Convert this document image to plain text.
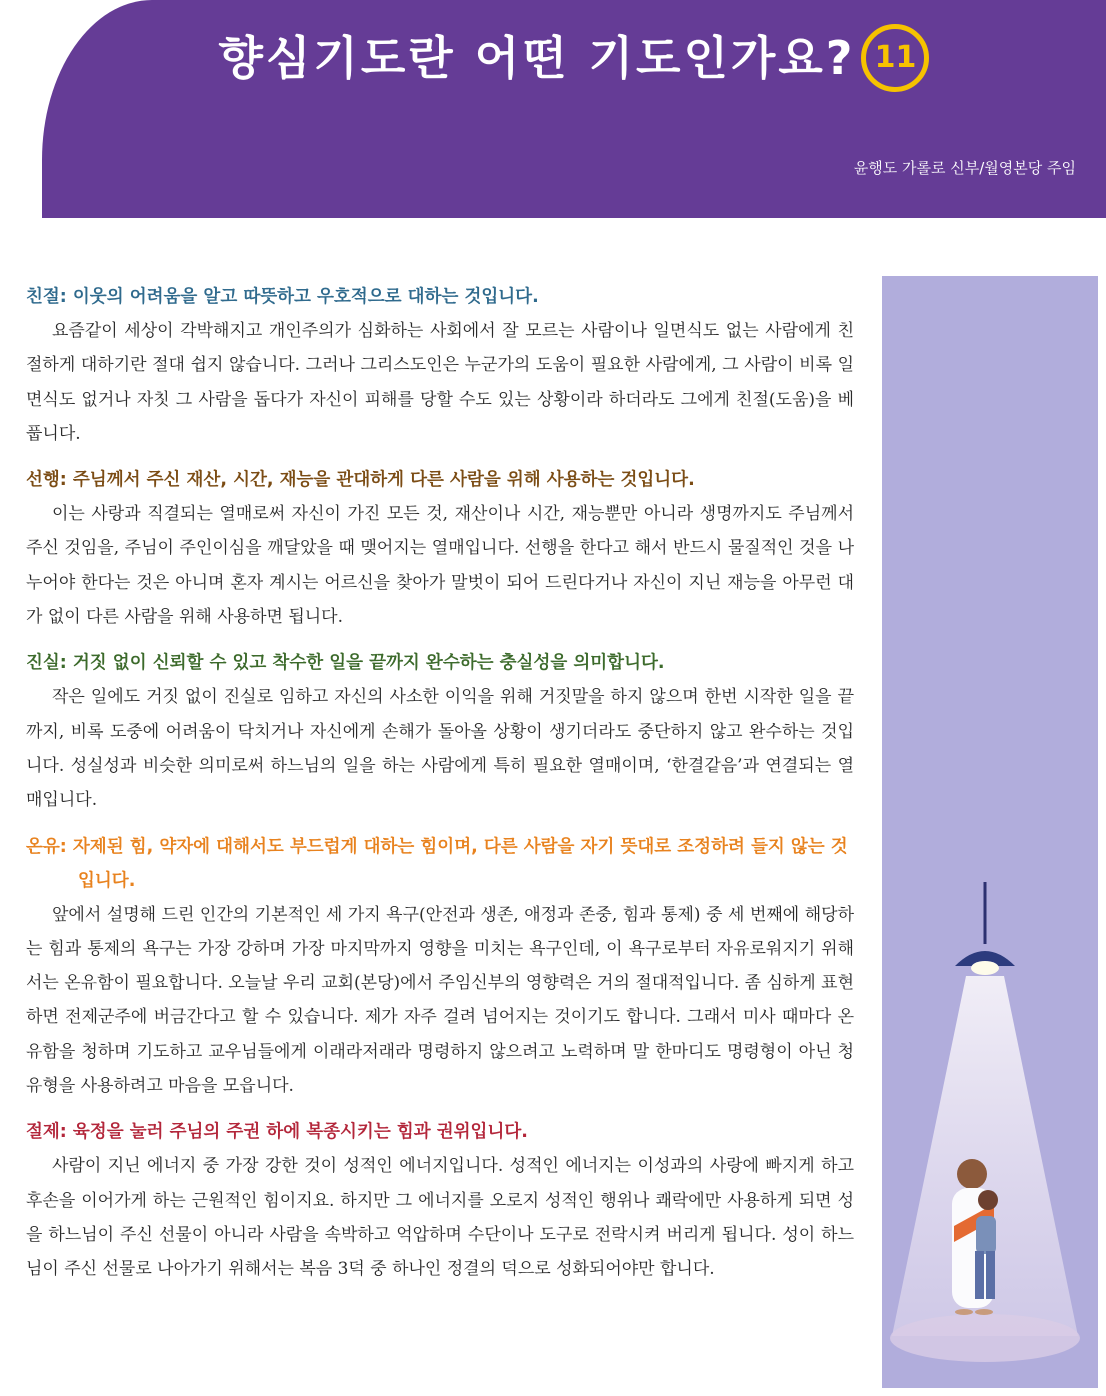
향심기도란 어떤 기도인가요? 11
윤행도 가롤로 신부/월영본당 주임

친절: 이웃의 어려움을 알고 따뜻하고 우호적으로 대하는 것입니다.

요즘같이 세상이 각박해지고 개인주의가 심화하는 사회에서 잘 모르는 사람이나 일면식도 없는 사람에게 친절하게 대하기란 절대 쉽지 않습니다. 그러나 그리스도인은 누군가의 도움이 필요한 사람에게, 그 사람이 비록 일면식도 없거나 자칫 그 사람을 돕다가 자신이 피해를 당할 수도 있는 상황이라 하더라도 그에게 친절(도움)을 베풉니다.

선행: 주님께서 주신 재산, 시간, 재능을 관대하게 다른 사람을 위해 사용하는 것입니다.

이는 사랑과 직결되는 열매로써 자신이 가진 모든 것, 재산이나 시간, 재능뿐만 아니라 생명까지도 주님께서 주신 것임을, 주님이 주인이심을 깨달았을 때 맺어지는 열매입니다. 선행을 한다고 해서 반드시 물질적인 것을 나누어야 한다는 것은 아니며 혼자 계시는 어르신을 찾아가 말벗이 되어 드린다거나 자신이 지닌 재능을 아무런 대가 없이 다른 사람을 위해 사용하면 됩니다.

진실: 거짓 없이 신뢰할 수 있고 착수한 일을 끝까지 완수하는 충실성을 의미합니다.

작은 일에도 거짓 없이 진실로 임하고 자신의 사소한 이익을 위해 거짓말을 하지 않으며 한번 시작한 일을 끝까지, 비록 도중에 어려움이 닥치거나 자신에게 손해가 돌아올 상황이 생기더라도 중단하지 않고 완수하는 것입니다. 성실성과 비슷한 의미로써 하느님의 일을 하는 사람에게 특히 필요한 열매이며, ‘한결같음’과 연결되는 열매입니다.

온유: 자제된 힘, 약자에 대해서도 부드럽게 대하는 힘이며, 다른 사람을 자기 뜻대로 조정하려 들지 않는 것입니다.

앞에서 설명해 드린 인간의 기본적인 세 가지 욕구(안전과 생존, 애정과 존중, 힘과 통제) 중 세 번째에 해당하는 힘과 통제의 욕구는 가장 강하며 가장 마지막까지 영향을 미치는 욕구인데, 이 욕구로부터 자유로워지기 위해서는 온유함이 필요합니다. 오늘날 우리 교회(본당)에서 주임신부의 영향력은 거의 절대적입니다. 좀 심하게 표현하면 전제군주에 버금간다고 할 수 있습니다. 제가 자주 걸려 넘어지는 것이기도 합니다. 그래서 미사 때마다 온유함을 청하며 기도하고 교우님들에게 이래라저래라 명령하지 않으려고 노력하며 말 한마디도 명령형이 아닌 청유형을 사용하려고 마음을 모읍니다.

절제: 육정을 눌러 주님의 주권 하에 복종시키는 힘과 권위입니다.

사람이 지닌 에너지 중 가장 강한 것이 성적인 에너지입니다. 성적인 에너지는 이성과의 사랑에 빠지게 하고 후손을 이어가게 하는 근원적인 힘이지요. 하지만 그 에너지를 오로지 성적인 행위나 쾌락에만 사용하게 되면 성을 하느님이 주신 선물이 아니라 사람을 속박하고 억압하며 수단이나 도구로 전락시켜 버리게 됩니다. 성이 하느님이 주신 선물로 나아가기 위해서는 복음 3덕 중 하나인 정결의 덕으로 성화되어야만 합니다.
